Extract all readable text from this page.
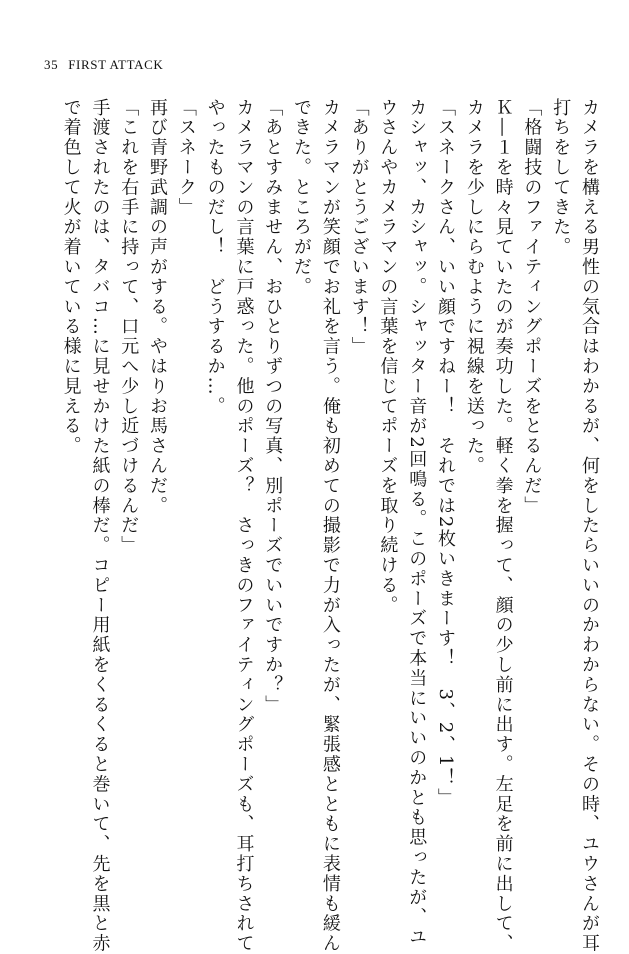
35 FIRST ATTACK
カメラを構える男性の気合はわかるが、何をしたらいいのかわからない。その時、ユウさんが耳
打ちをしてきた。
「格闘技のファイティングポーズをとるんだ」
Ｋ―１を時々見ていたのが奏功した。軽く拳を握って、顔の少し前に出す。左足を前に出して、
カメラを少しにらむように視線を送った。
「スネークさん、いい顔ですねー！　それでは2枚いきまーす！　3、2、1！」
カシャッ、カシャッ。シャッター音が2回鳴る。このポーズで本当にいいのかとも思ったが、ユ
ウさんやカメラマンの言葉を信じてポーズを取り続ける。
「ありがとうございます！」
カメラマンが笑顔でお礼を言う。俺も初めての撮影で力が入ったが、緊張感とともに表情も緩ん
できた。ところがだ。
「あとすみません、おひとりずつの写真、別ポーズでいいですか？」
カメラマンの言葉に戸惑った。他のポーズ？　さっきのファイティングポーズも、耳打ちされて
やったものだし！　どうするか…。
「スネーク」
再び青野武調の声がする。やはりお馬さんだ。
「これを右手に持って、口元へ少し近づけるんだ」
手渡されたのは、タバコ…に見せかけた紙の棒だ。コピー用紙をくるくると巻いて、先を黒と赤
で着色して火が着いている様に見える。
